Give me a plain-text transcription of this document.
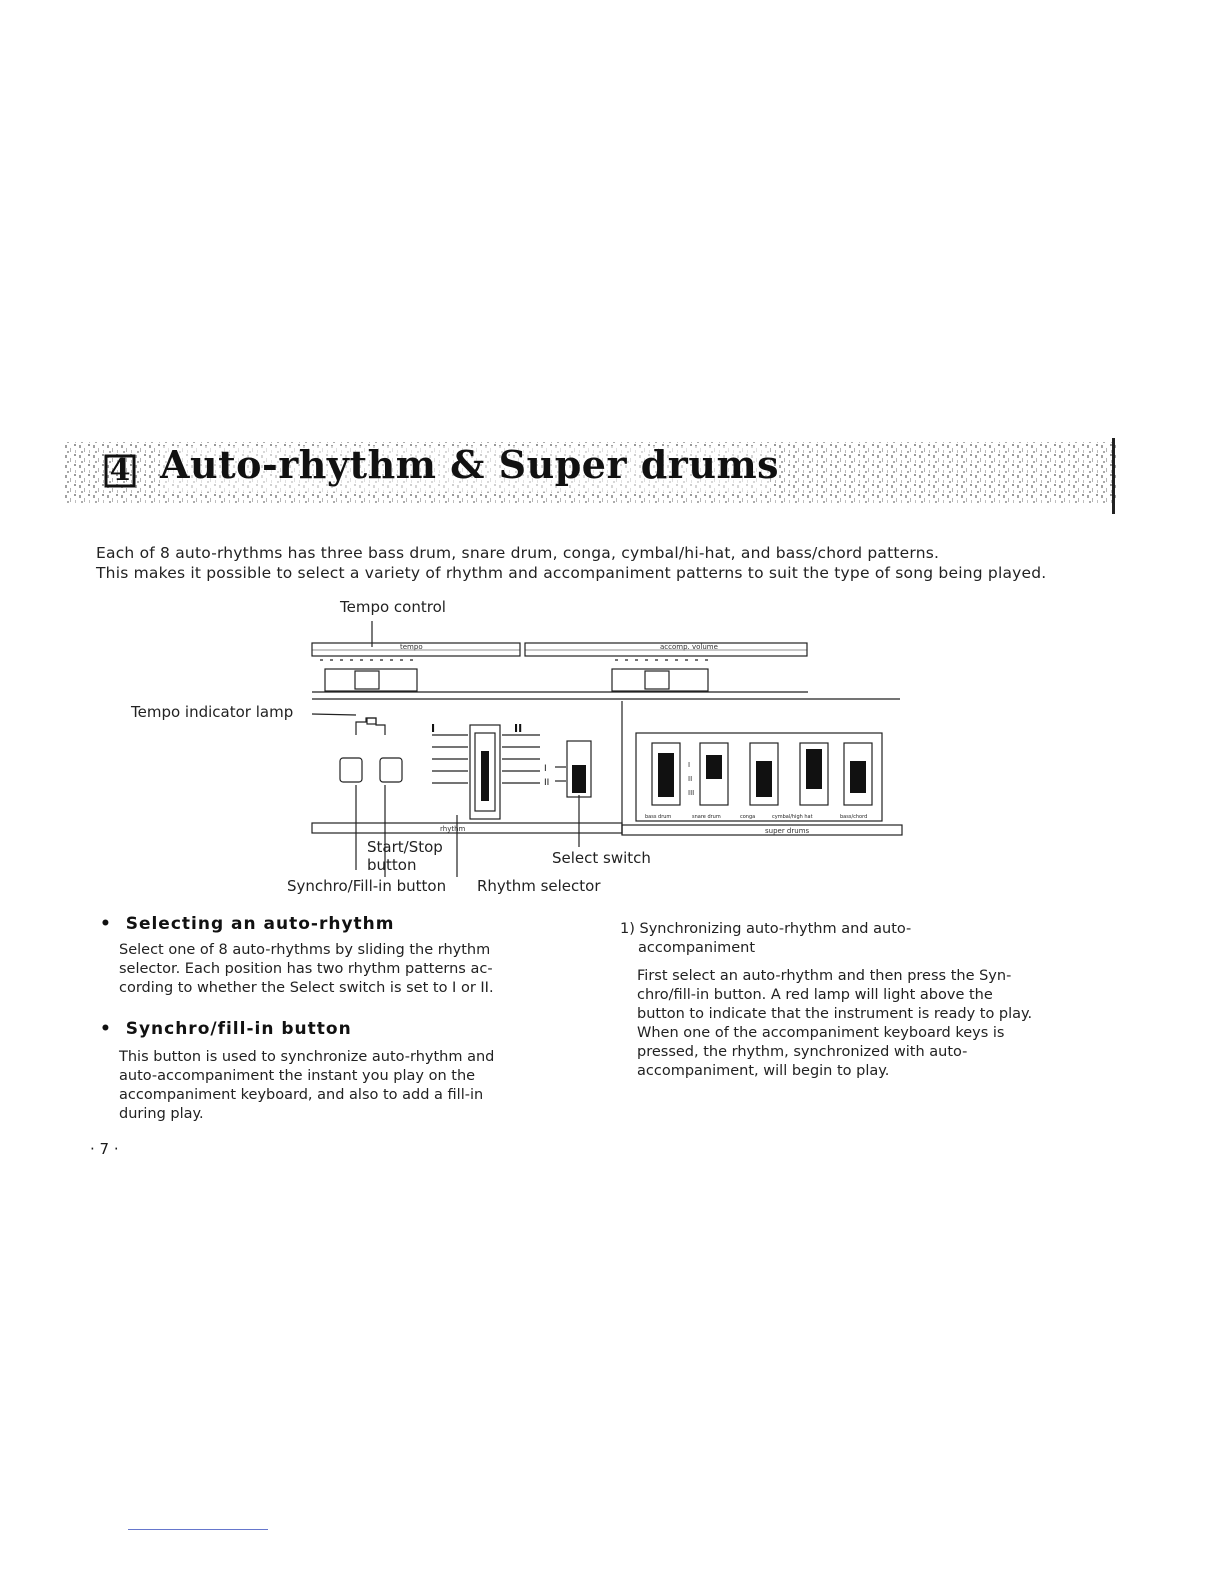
4 Auto-rhythm & Super drums
Each of 8 auto-rhythms has three bass drum, snare drum, conga, cymbal/hi-hat, and bass/chord patterns.
This makes it possible to select a variety of rhythm and accompaniment patterns to suit the type of song being played.
Tempo control
Tempo indicator lamp
Start/Stop
button
Synchro/Fill-in button Rhythm selector
Select switch
tempo	accomp. volume
rhythm	super drums
I	II
I
II
I
II
III
bass drum	snare drum	conga	cymbal/high hat	bass/chord
•  Selecting an auto-rhythm
Select one of 8 auto-rhythms by sliding the rhythm
selector. Each position has two rhythm patterns ac-
cording to whether the Select switch is set to I or II.
•  Synchro/fill-in button
This button is used to synchronize auto-rhythm and
auto-accompaniment the instant you play on the
accompaniment keyboard, and also to add a fill-in
during play.
1) Synchronizing auto-rhythm and auto-
accompaniment
First select an auto-rhythm and then press the Syn-
chro/fill-in button. A red lamp will light above the
button to indicate that the instrument is ready to play.
When one of the accompaniment keyboard keys is
pressed, the rhythm, synchronized with auto-
accompaniment, will begin to play.
· 7 ·
